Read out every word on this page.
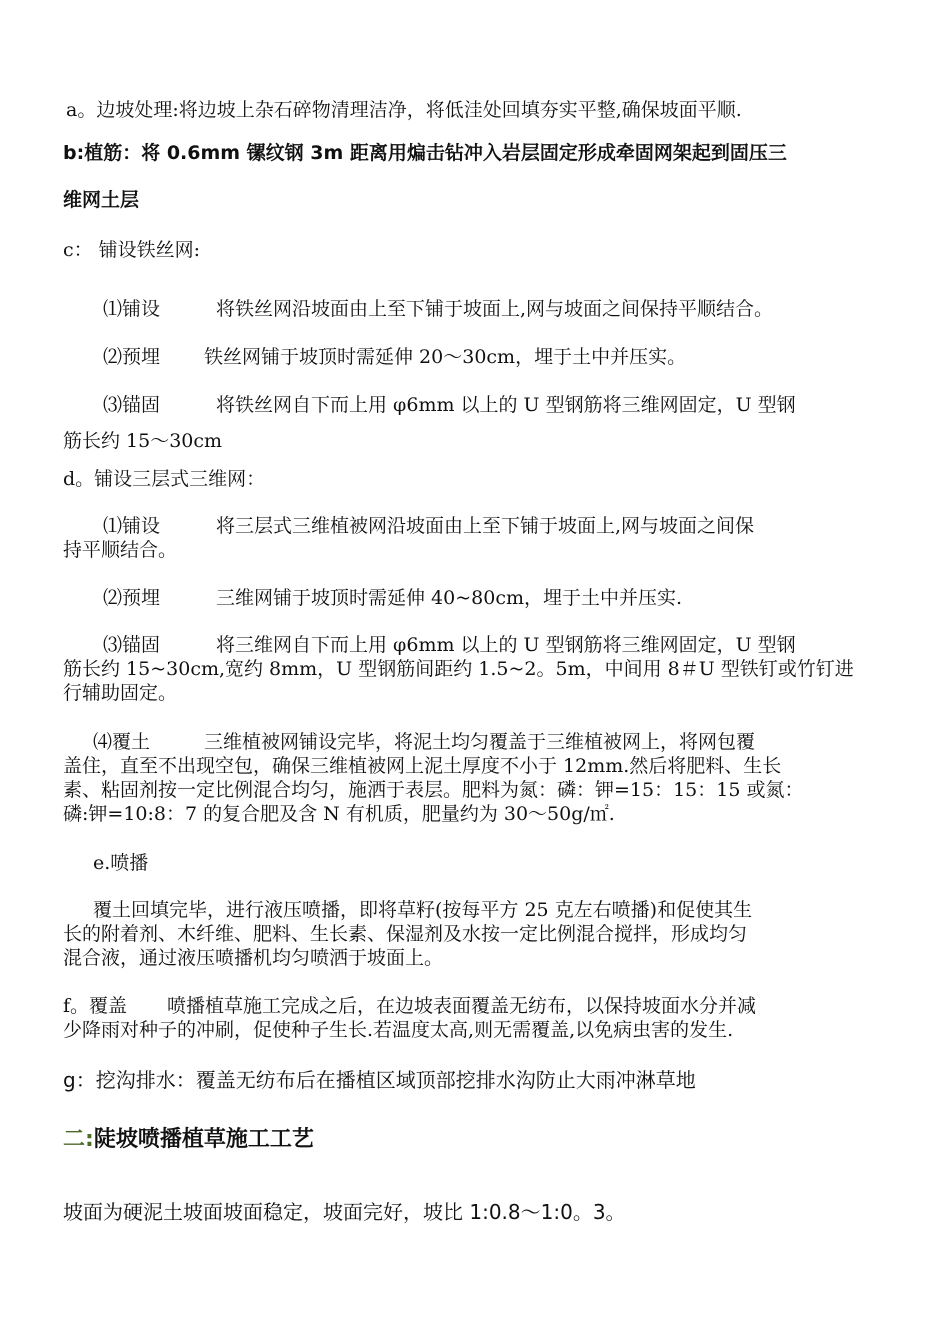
a。边坡处理:将边坡上杂石碎物清理洁净，将低洼处回填夯实平整,确保坡面平顺.
b:植筋：将 0.6mm 镙纹钢 3m 距离用煸击钻冲入岩层固定形成牵固网架起到固压三
维网土层
c： 铺设铁丝网:
⑴铺设	将铁丝网沿坡面由上至下铺于坡面上,网与坡面之间保持平顺结合。
⑵预埋 铁丝网铺于坡顶时需延伸 20～30cm，埋于土中并压实。
⑶锚固	将铁丝网自下而上用 φ6mm 以上的 U 型钢筋将三维网固定，U 型钢
筋长约 15～30cm
d。铺设三层式三维网：
⑴铺设	将三层式三维植被网沿坡面由上至下铺于坡面上,网与坡面之间保
持平顺结合。
⑵预埋	三维网铺于坡顶时需延伸 40~80cm，埋于土中并压实.
⑶锚固	将三维网自下而上用 φ6mm 以上的 U 型钢筋将三维网固定，U 型钢
筋长约 15~30cm,宽约 8mm，U 型钢筋间距约 1.5~2。5m，中间用 8＃U 型铁钉或竹钉进
行辅助固定。
⑷覆土	三维植被网铺设完毕，将泥土均匀覆盖于三维植被网上，将网包覆
盖住，直至不出现空包，确保三维植被网上泥土厚度不小于 12mm.然后将肥料、生长
素、粘固剂按一定比例混合均匀，施洒于表层。肥料为氮：磷：钾=15：15：15 或氮：
磷:钾=10:8：7 的复合肥及含 N 有机质，肥量约为 30～50g/㎡.
e.喷播
覆土回填完毕，进行液压喷播，即将草籽(按每平方 25 克左右喷播)和促使其生
长的附着剂、木纤维、肥料、生长素、保湿剂及水按一定比例混合搅拌，形成均匀
混合液，通过液压喷播机均匀喷洒于坡面上。
f。覆盖 喷播植草施工完成之后，在边坡表面覆盖无纺布，以保持坡面水分并减
少降雨对种子的冲刷，促使种子生长.若温度太高,则无需覆盖,以免病虫害的发生.
g：挖沟排水：覆盖无纺布后在播植区域顶部挖排水沟防止大雨冲淋草地
二:陡坡喷播植草施工工艺
坡面为硬泥土坡面坡面稳定，坡面完好，坡比 1:0.8～1:0。3。
